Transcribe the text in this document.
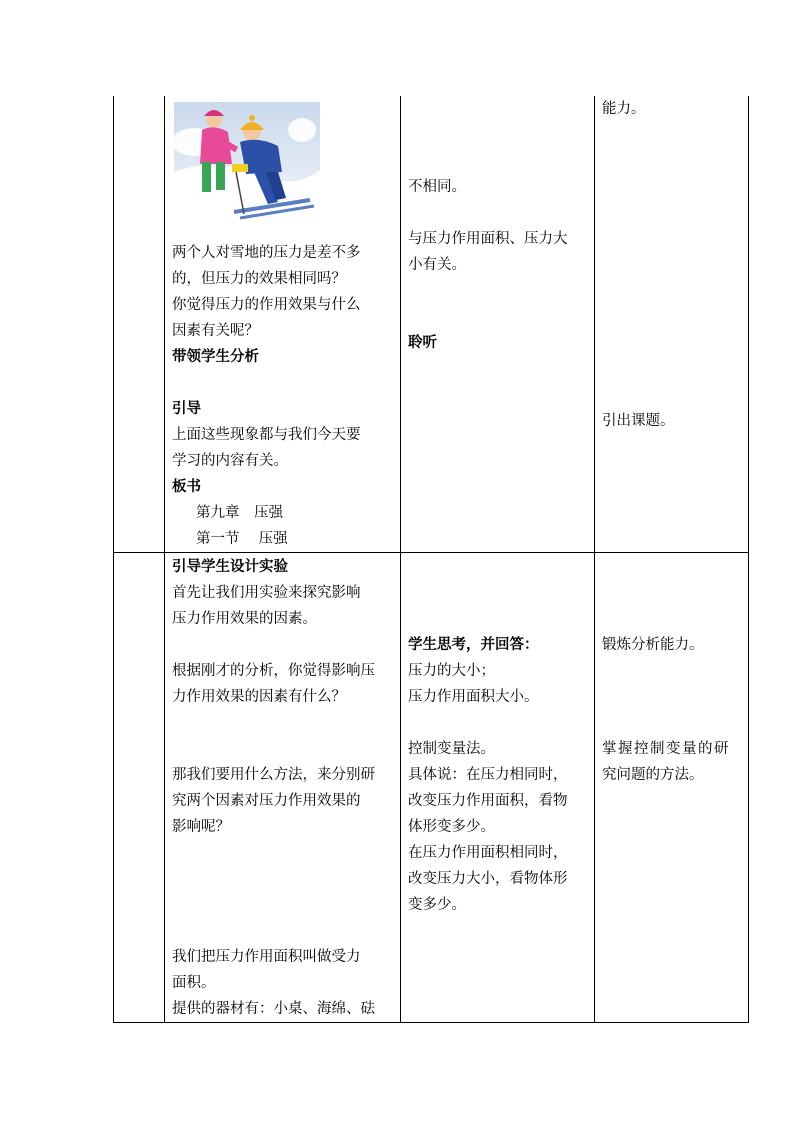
两个人对雪地的压力是差不多
的，但压力的效果相同吗？
你觉得压力的作用效果与什么
因素有关呢？
带领学生分析
引导
上面这些现象都与我们今天要
学习的内容有关。
板书
第九章　压强
第一节　 压强
不相同。
与压力作用面积、压力大
小有关。
聆听
能力。
引出课题。
引导学生设计实验
首先让我们用实验来探究影响
压力作用效果的因素。
根据刚才的分析，你觉得影响压
力作用效果的因素有什么？
那我们要用什么方法，来分别研
究两个因素对压力作用效果的
影响呢？
我们把压力作用面积叫做受力
面积。
提供的器材有：小桌、海绵、砝
学生思考，并回答：
压力的大小；
压力作用面积大小。
控制变量法。
具体说：在压力相同时，
改变压力作用面积，看物
体形变多少。
在压力作用面积相同时，
改变压力大小，看物体形
变多少。
锻炼分析能力。
掌握控制变量的研
究问题的方法。
